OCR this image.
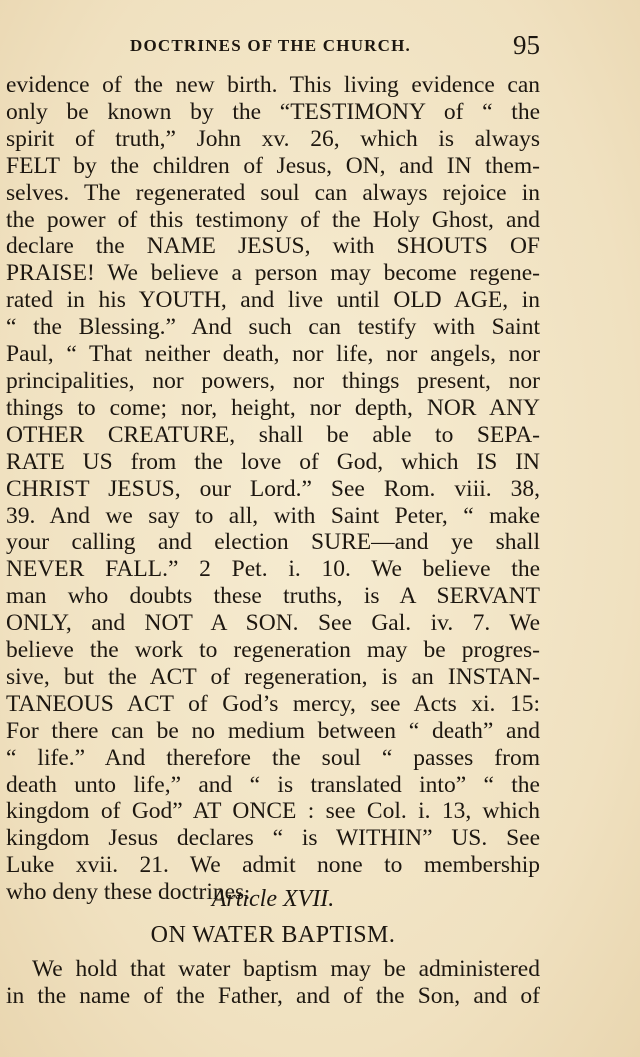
DOCTRINES OF THE CHURCH.	95
evidence of the new birth. This living evidence can
only be known by the “TESTIMONY of “ the
spirit of truth,” John xv. 26, which is always
FELT by the children of Jesus, ON, and IN them-
selves. The regenerated soul can always rejoice in
the power of this testimony of the Holy Ghost, and
declare the NAME JESUS, with SHOUTS OF
PRAISE! We believe a person may become regene-
rated in his YOUTH, and live until OLD AGE, in
“ the Blessing.” And such can testify with Saint
Paul, “ That neither death, nor life, nor angels, nor
principalities, nor powers, nor things present, nor
things to come; nor, height, nor depth, NOR ANY
OTHER CREATURE, shall be able to SEPA-
RATE US from the love of God, which IS IN
CHRIST JESUS, our Lord.” See Rom. viii. 38,
39. And we say to all, with Saint Peter, “ make
your calling and election SURE—and ye shall
NEVER FALL.” 2 Pet. i. 10. We believe the
man who doubts these truths, is A SERVANT
ONLY, and NOT A SON. See Gal. iv. 7. We
believe the work to regeneration may be progres-
sive, but the ACT of regeneration, is an INSTAN-
TANEOUS ACT of God’s mercy, see Acts xi. 15:
For there can be no medium between “ death” and
“ life.” And therefore the soul “ passes from
death unto life,” and “ is translated into” “ the
kingdom of God” AT ONCE : see Col. i. 13, which
kingdom Jesus declares “ is WITHIN” US. See
Luke xvii. 21. We admit none to membership
who deny these doctrines.
Article XVII.
ON WATER BAPTISM.
We hold that water baptism may be administered
in the name of the Father, and of the Son, and of
